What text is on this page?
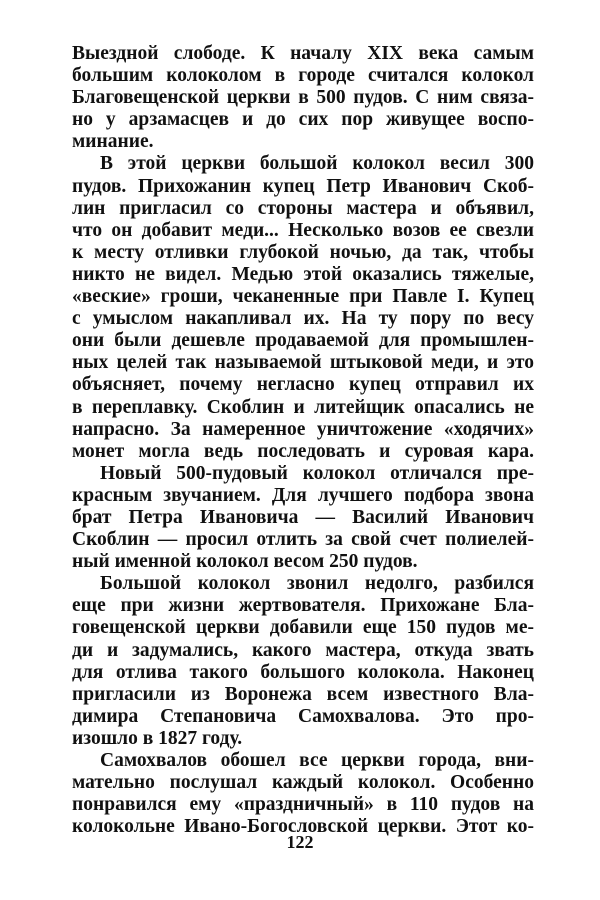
Выездной слободе. К началу XIX века самым
большим колоколом в городе считался колокол
Благовещенской церкви в 500 пудов. С ним связа-
но у арзамасцев и до сих пор живущее воспо-
минание.
В этой церкви большой колокол весил 300
пудов. Прихожанин купец Петр Иванович Скоб-
лин пригласил со стороны мастера и объявил,
что он добавит меди... Несколько возов ее свезли
к месту отливки глубокой ночью, да так, чтобы
никто не видел. Медью этой оказались тяжелые,
«веские» гроши, чеканенные при Павле I. Купец
с умыслом накапливал их. На ту пору по весу
они были дешевле продаваемой для промышлен-
ных целей так называемой штыковой меди, и это
объясняет, почему негласно купец отправил их
в переплавку. Скоблин и литейщик опасались не
напрасно. За намеренное уничтожение «ходячих»
монет могла ведь последовать и суровая кара.
Новый 500-пудовый колокол отличался пре-
красным звучанием. Для лучшего подбора звона
брат Петра Ивановича — Василий Иванович
Скоблин — просил отлить за свой счет полиелей-
ный именной колокол весом 250 пудов.
Большой колокол звонил недолго, разбился
еще при жизни жертвователя. Прихожане Бла-
говещенской церкви добавили еще 150 пудов ме-
ди и задумались, какого мастера, откуда звать
для отлива такого большого колокола. Наконец
пригласили из Воронежа всем известного Вла-
димира Степановича Самохвалова. Это про-
изошло в 1827 году.
Самохвалов обошел все церкви города, вни-
мательно послушал каждый колокол. Особенно
понравился ему «праздничный» в 110 пудов на
колокольне Ивано-Богословской церкви. Этот ко-
122
